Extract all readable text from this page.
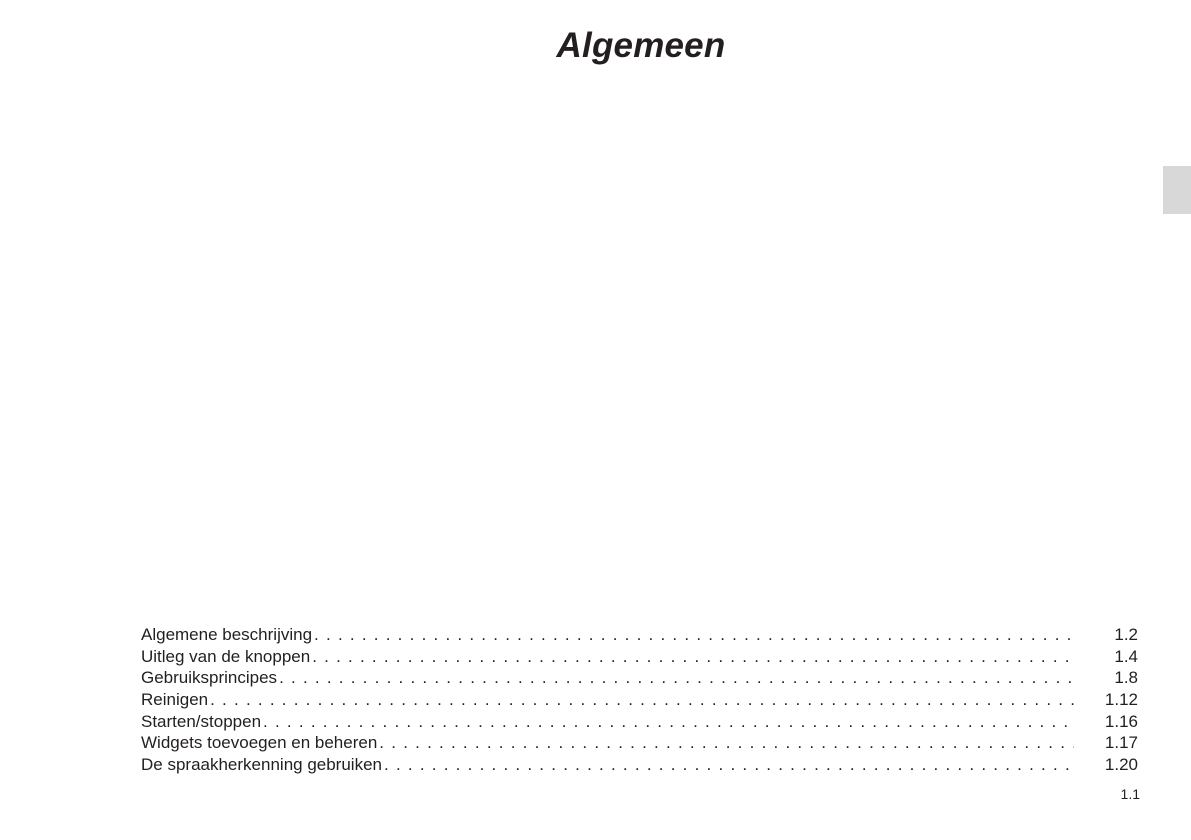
Algemeen
Algemene beschrijving . . .	1.2
Uitleg van de knoppen . . .	1.4
Gebruiksprincipes . . .	1.8
Reinigen . . .	1.12
Starten/stoppen . . .	1.16
Widgets toevoegen en beheren . . .	1.17
De spraakherkenning gebruiken . . .	1.20
1.1
